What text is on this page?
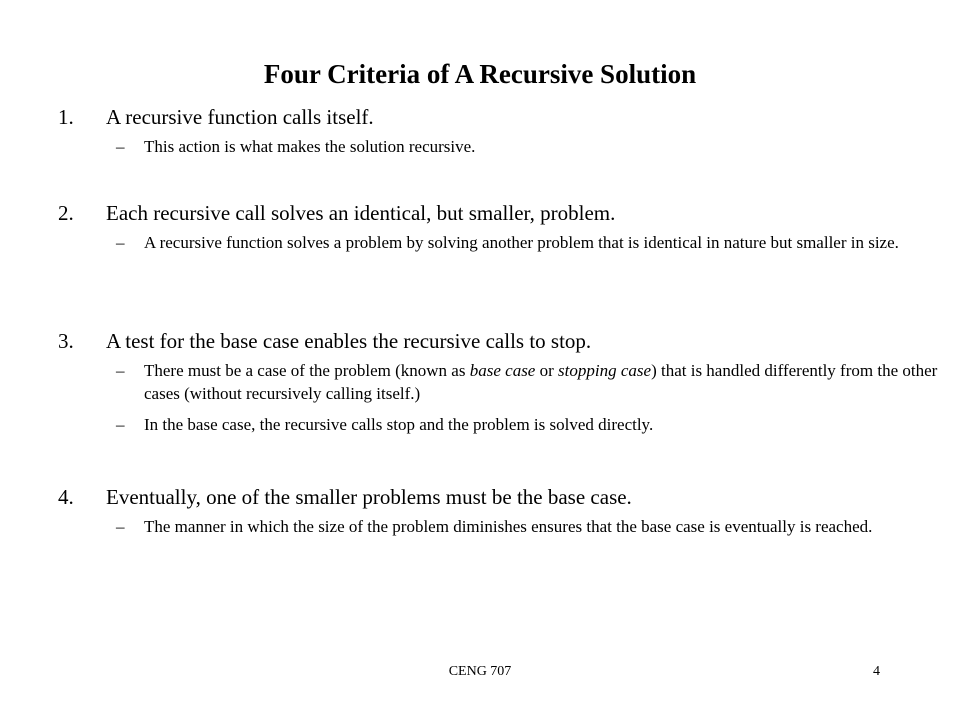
Four Criteria of A Recursive Solution
1. A recursive function calls itself.
– This action is what makes the solution recursive.
2. Each recursive call solves an identical, but smaller, problem.
– A recursive function solves a problem by solving another problem that is identical in nature but smaller in size.
3. A test for the base case enables the recursive calls to stop.
– There must be a case of the problem (known as base case or stopping case) that is handled differently from the other cases (without recursively calling itself.)
– In the base case, the recursive calls stop and the problem is solved directly.
4. Eventually, one of the smaller problems must be the base case.
– The manner in which the size of the problem diminishes ensures that the base case is eventually is reached.
CENG 707	4
